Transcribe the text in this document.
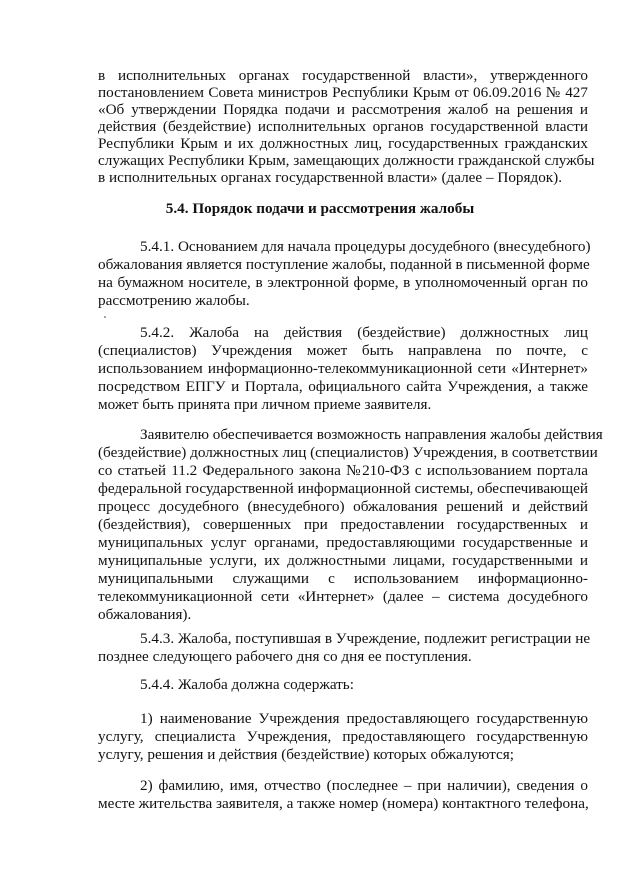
в исполнительных органах государственной власти», утвержденного
постановлением Совета министров Республики Крым от 06.09.2016 № 427
«Об утверждении Порядка подачи и рассмотрения жалоб на решения и
действия (бездействие) исполнительных органов государственной власти
Республики Крым и их должностных лиц, государственных гражданских
служащих Республики Крым, замещающих должности гражданской службы
в исполнительных органах государственной власти» (далее – Порядок).
5.4. Порядок подачи и рассмотрения жалобы
5.4.1. Основанием для начала процедуры досудебного (внесудебного)
обжалования является поступление жалобы, поданной в письменной форме
на бумажном носителе, в электронной форме, в уполномоченный орган по
рассмотрению жалобы.
5.4.2. Жалоба на действия (бездействие) должностных лиц
(специалистов) Учреждения может быть направлена по почте, с
использованием информационно-телекоммуникационной сети «Интернет»
посредством ЕПГУ и Портала, официального сайта Учреждения, а также
может быть принята при личном приеме заявителя.
Заявителю обеспечивается возможность направления жалобы действия
(бездействие) должностных лиц (специалистов) Учреждения, в соответствии
со статьей 11.2 Федерального закона №210-ФЗ с использованием портала
федеральной государственной информационной системы, обеспечивающей
процесс досудебного (внесудебного) обжалования решений и действий
(бездействия), совершенных при предоставлении государственных и
муниципальных услуг органами, предоставляющими государственные и
муниципальные услуги, их должностными лицами, государственными и
муниципальными служащими с использованием информационно-
телекоммуникационной сети «Интернет» (далее – система досудебного
обжалования).
5.4.3. Жалоба, поступившая в Учреждение, подлежит регистрации не
позднее следующего рабочего дня со дня ее поступления.
5.4.4. Жалоба должна содержать:
1) наименование Учреждения предоставляющего государственную
услугу, специалиста Учреждения, предоставляющего государственную
услугу, решения и действия (бездействие) которых обжалуются;
2) фамилию, имя, отчество (последнее – при наличии), сведения о
месте жительства заявителя, а также номер (номера) контактного телефона,
